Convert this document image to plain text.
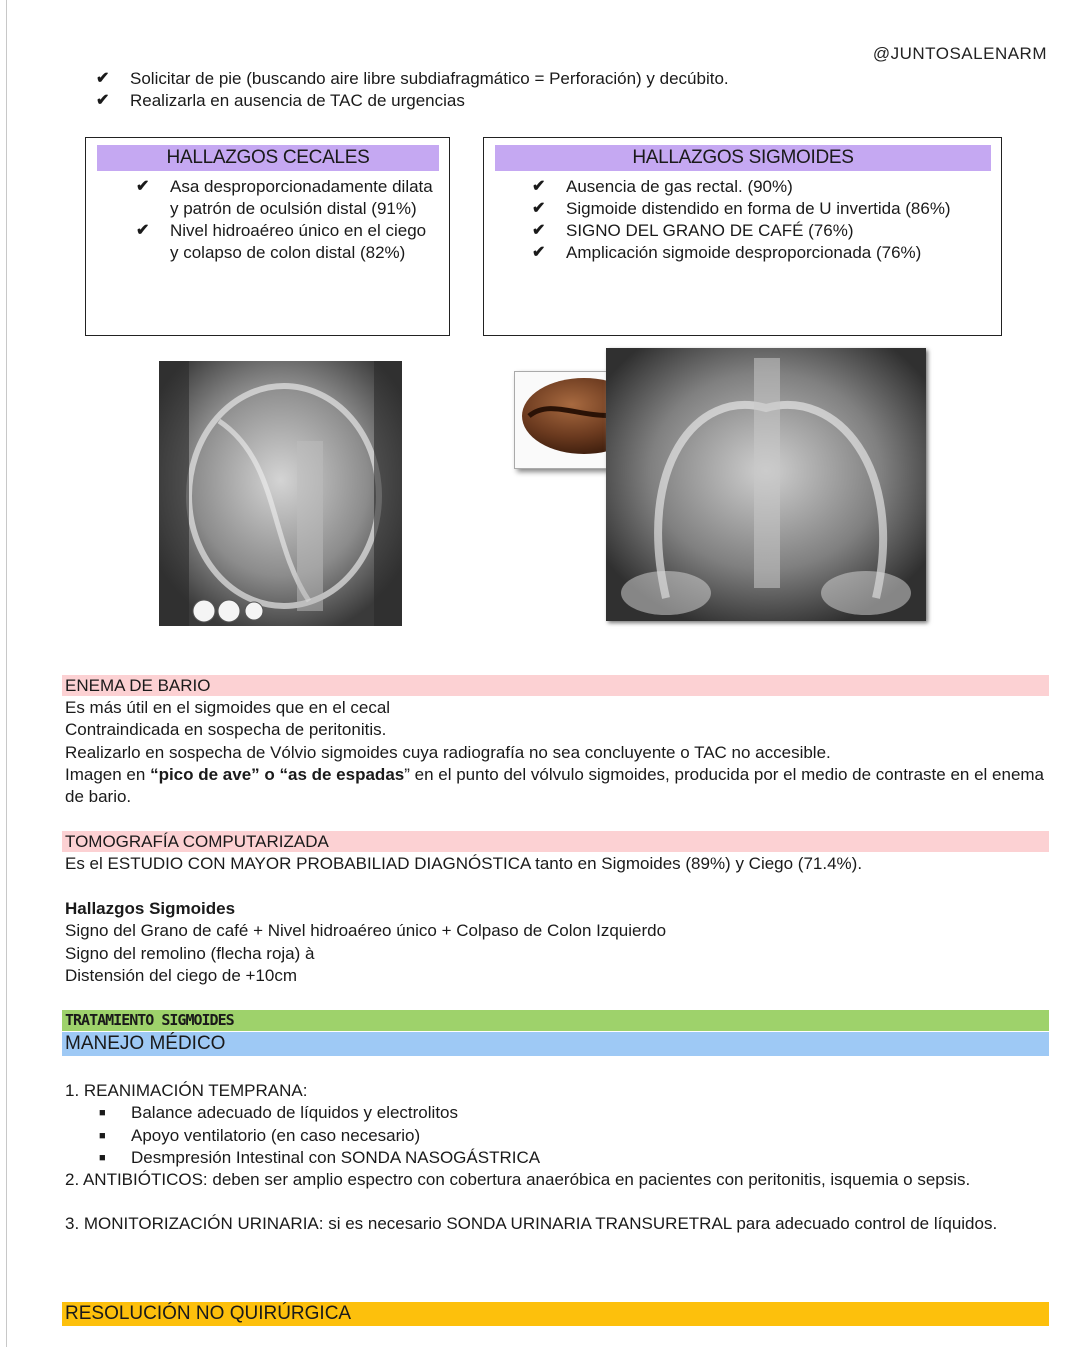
@JUNTOSALENARM
✔	Solicitar de pie (buscando aire libre subdiafragmático = Perforación) y decúbito.
✔	Realizarla en ausencia de TAC de urgencias
HALLAZGOS CECALES
✔	Asa desproporcionadamente dilata y patrón de oculsión distal (91%)
✔	Nivel hidroaéreo único en el ciego y colapso de colon distal (82%)
HALLAZGOS SIGMOIDES
✔	Ausencia de gas rectal. (90%)
✔	Sigmoide distendido en forma de U invertida (86%)
✔	SIGNO DEL GRANO DE CAFÉ (76%)
✔	Amplicación sigmoide desproporcionada (76%)
ENEMA DE BARIO
Es más útil en el sigmoides que en el cecal
Contraindicada en sospecha de peritonitis.
Realizarlo en sospecha de Vólvio sigmoides cuya radiografía no sea concluyente o TAC no accesible.
Imagen en “pico de ave” o “as de espadas” en el punto del vólvulo sigmoides, producida por el medio de contraste en el enema de bario.
TOMOGRAFÍA COMPUTARIZADA
Es el ESTUDIO CON MAYOR PROBABILIAD DIAGNÓSTICA tanto en Sigmoides (89%) y Ciego (71.4%).
Hallazgos Sigmoides
Signo del Grano de café + Nivel hidroaéreo único + Colpaso de Colon Izquierdo
Signo del remolino (flecha roja) à
Distensión del ciego de +10cm
TRATAMIENTO SIGMOIDES
MANEJO MÉDICO
1. REANIMACIÓN TEMPRANA:
■	Balance adecuado de líquidos y electrolitos
■	Apoyo ventilatorio (en caso necesario)
■	Desmpresión Intestinal con SONDA NASOGÁSTRICA
2. ANTIBIÓTICOS: deben ser amplio espectro con cobertura anaeróbica en pacientes con peritonitis, isquemia o sepsis.
3. MONITORIZACIÓN URINARIA: si es necesario SONDA URINARIA TRANSURETRAL para adecuado control de líquidos.
RESOLUCIÓN NO QUIRÚRGICA
